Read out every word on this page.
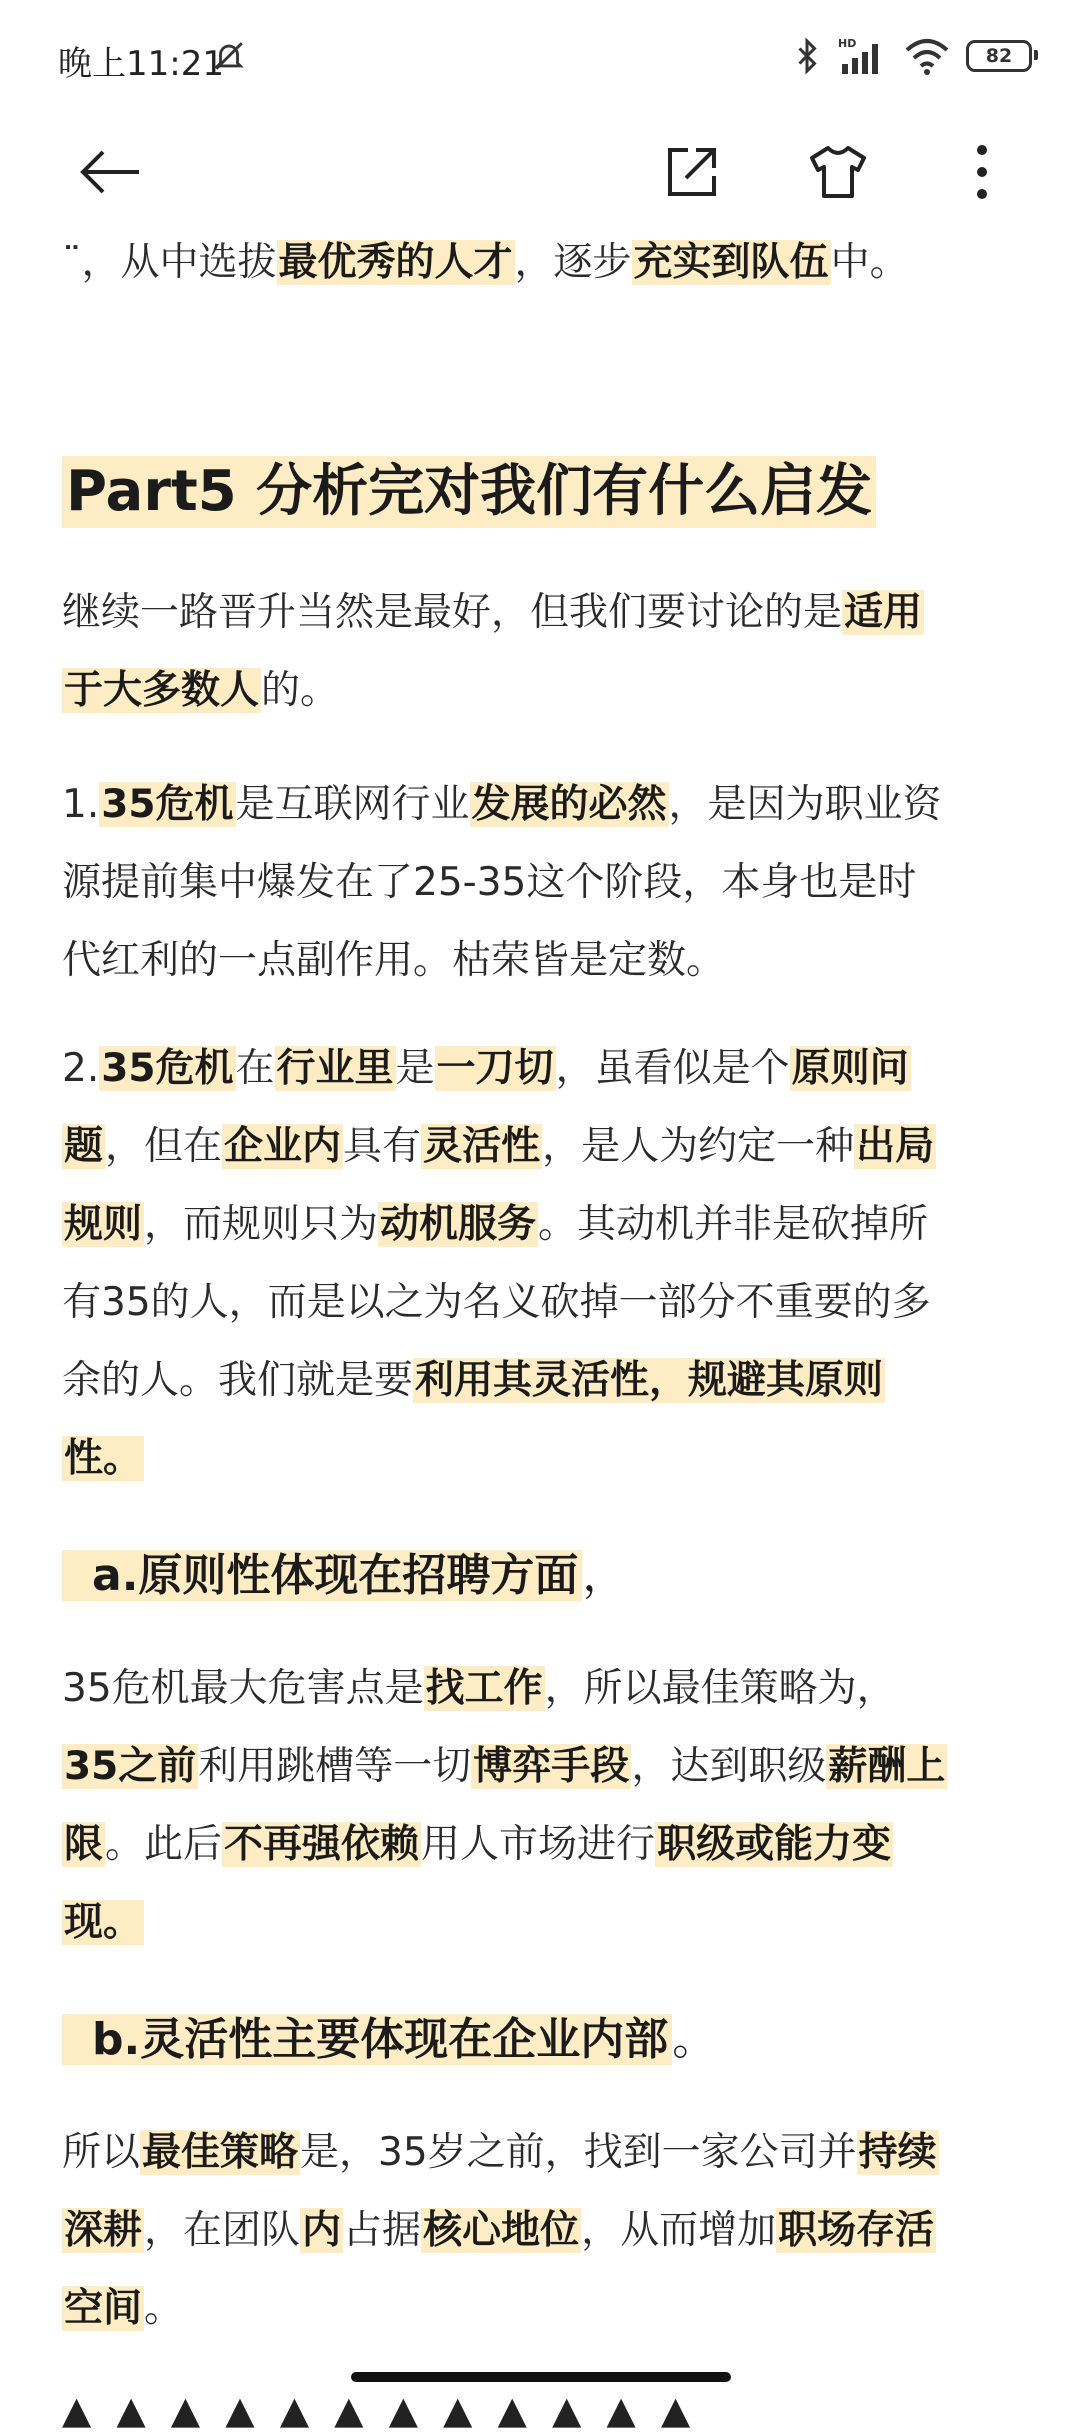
晚上11:21
HD
82
¨，从中选拔最优秀的人才，逐步充实到队伍中。
Part5 分析完对我们有什么启发
继续一路晋升当然是最好，但我们要讨论的是适用
于大多数人的。
1.35危机是互联网行业发展的必然，是因为职业资
源提前集中爆发在了25-35这个阶段，本身也是时
代红利的一点副作用。枯荣皆是定数。
2.35危机在行业里是一刀切，虽看似是个原则问
题，但在企业内具有灵活性，是人为约定一种出局
规则，而规则只为动机服务。其动机并非是砍掉所
有35的人，而是以之为名义砍掉一部分不重要的多
余的人。我们就是要利用其灵活性，规避其原则
性。
a.原则性体现在招聘方面，
35危机最大危害点是找工作，所以最佳策略为，
35之前利用跳槽等一切博弈手段，达到职级薪酬上
限。此后不再强依赖用人市场进行职级或能力变
现。
b.灵活性主要体现在企业内部。
所以最佳策略是，35岁之前，找到一家公司并持续
深耕，在团队内占据核心地位，从而增加职场存活
空间。
▲ ▲ ▲ ▲ ▲ ▲ ▲ ▲ ▲ ▲ ▲ ▲
